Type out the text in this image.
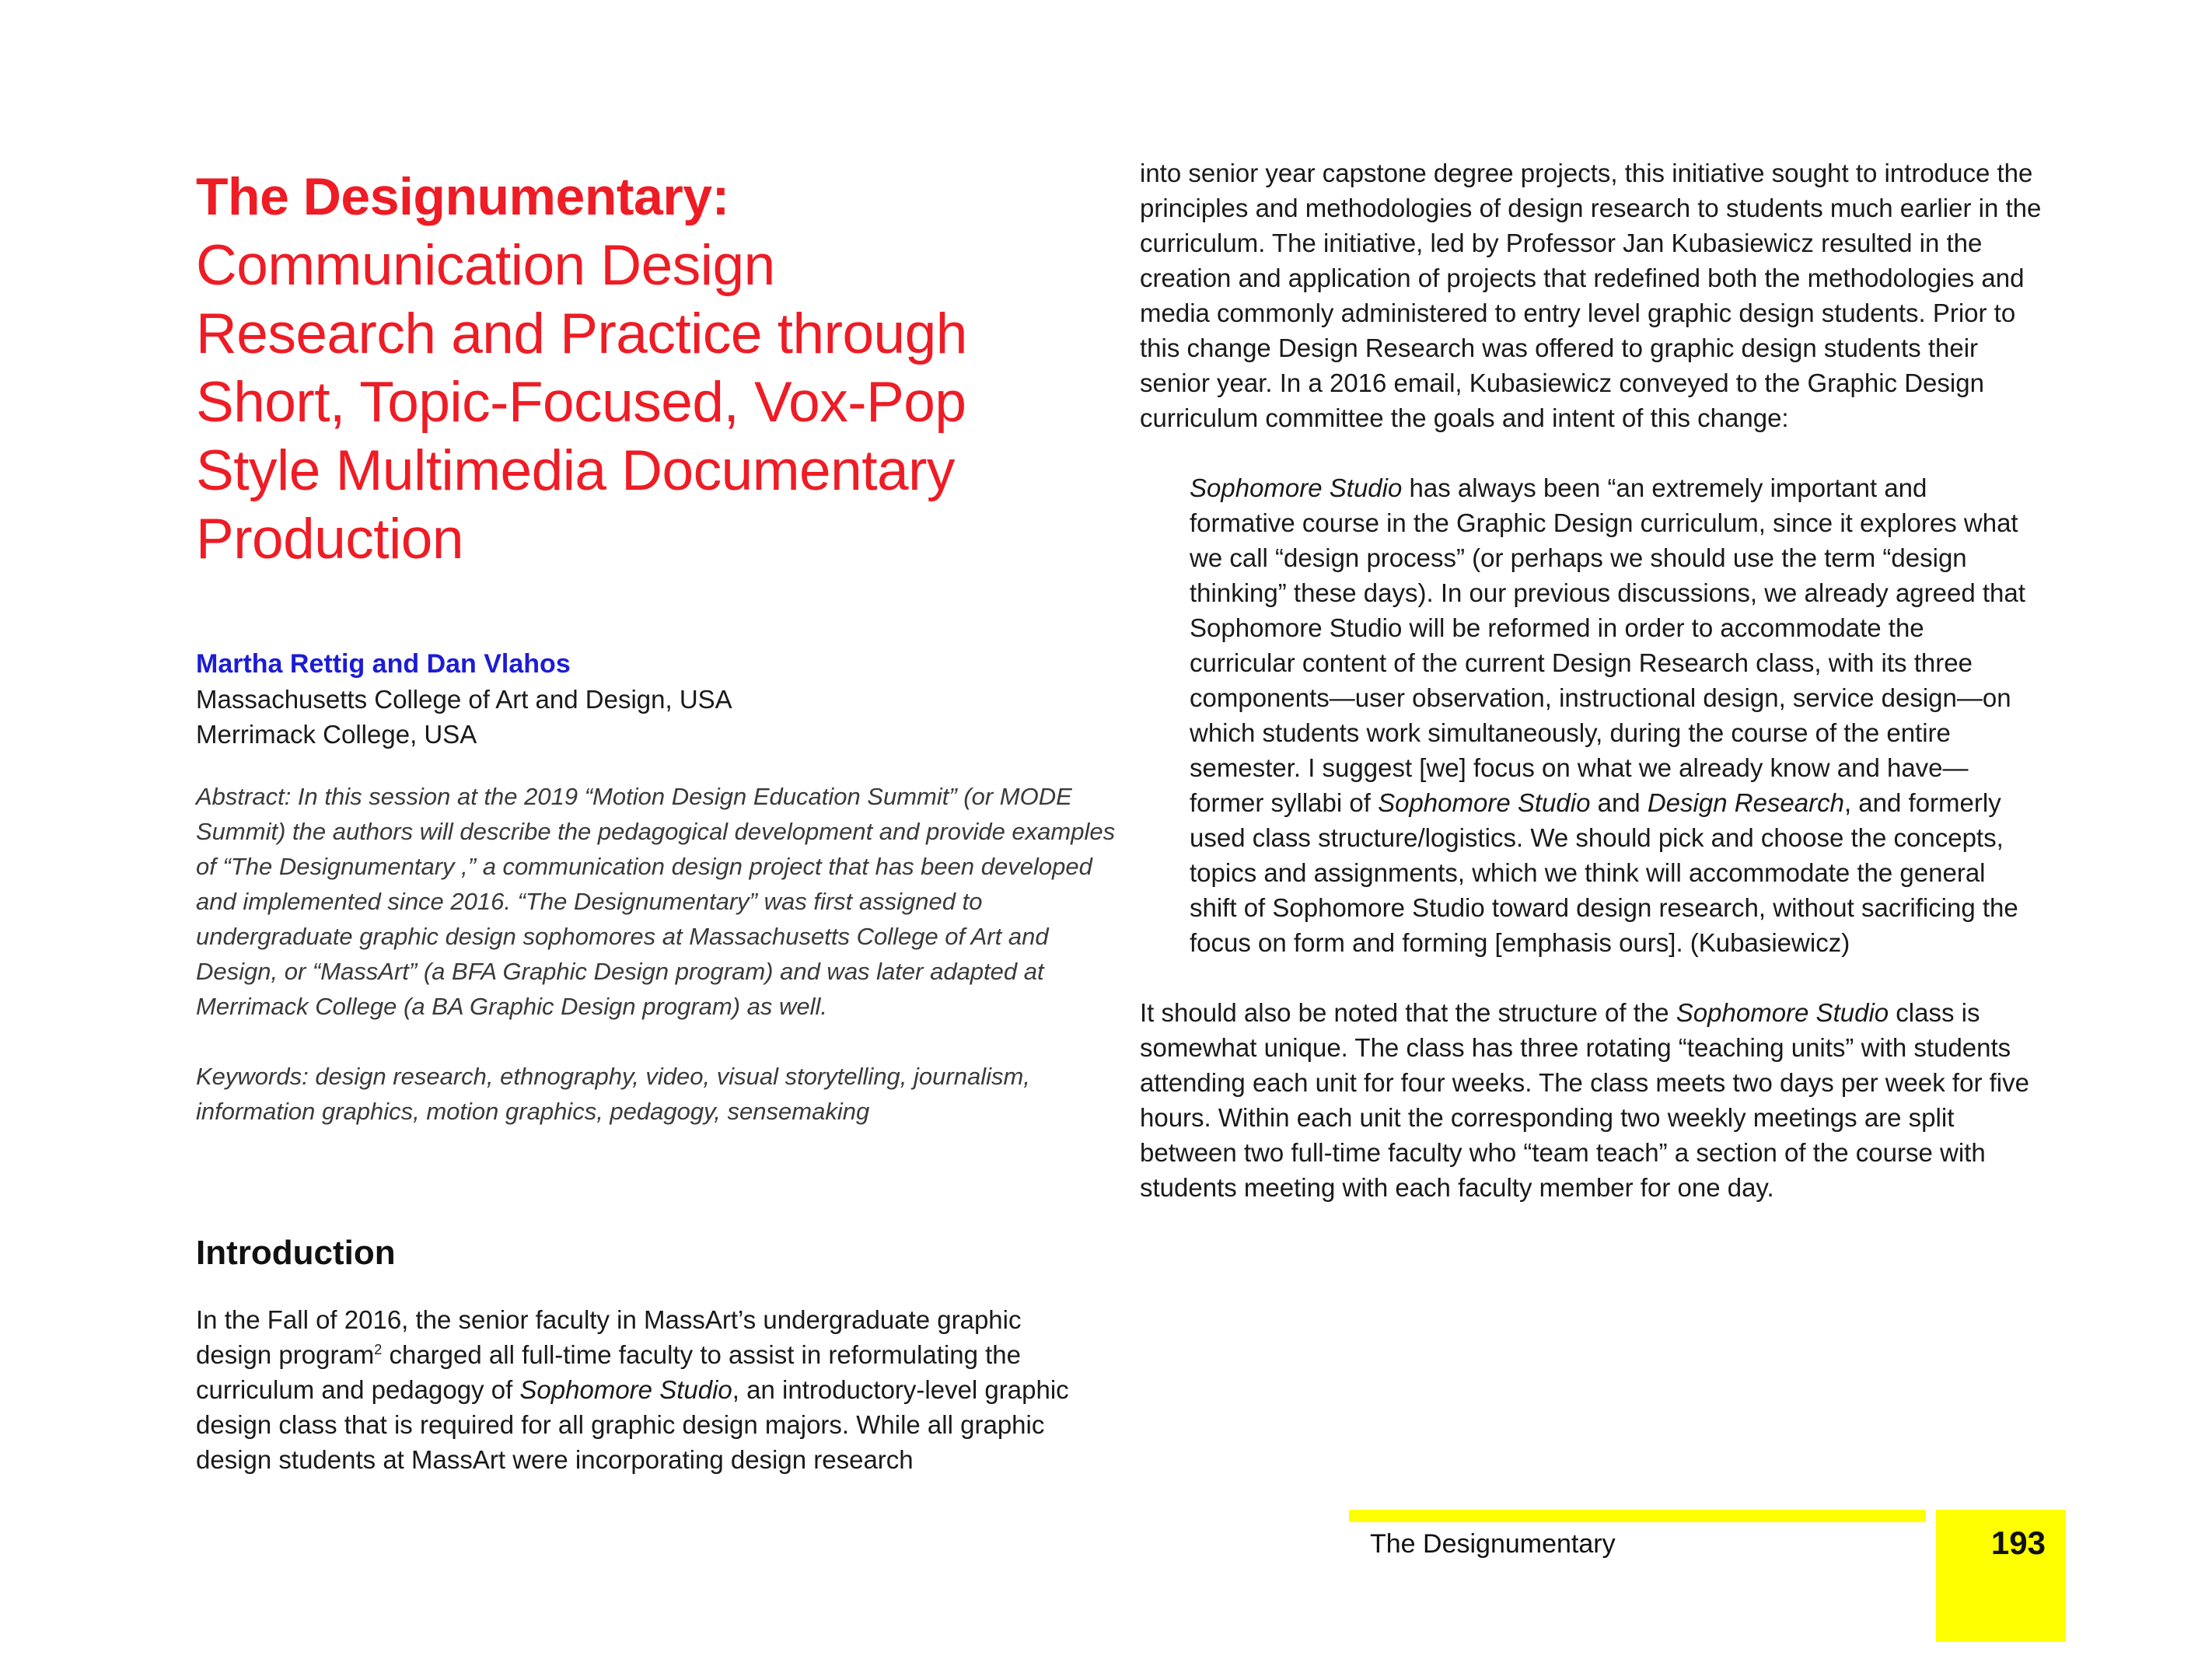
The Designumentary:

Communication Design

Research and Practice through

Short, Topic-Focused, Vox-Pop

Style Multimedia Documentary

Production

Martha Rettig and Dan Vlahos
Massachusetts College of Art and Design, USA
Merrimack College, USA
Abstract: In this session at the 2019 “Motion Design Education Summit” (or MODE Summit) the authors will describe the pedagogical development and provide examples of “The Designumentary ,” a communication design project that has been developed and implemented since 2016. “The Designumentary” was first assigned to undergraduate graphic design sophomores at Massachusetts College of Art and Design, or “MassArt” (a BFA Graphic Design program) and was later adapted at Merrimack College (a BA Graphic Design program) as well.
Keywords: design research, ethnography, video, visual storytelling, journalism, information graphics, motion graphics, pedagogy, sensemaking
Introduction

In the Fall of 2016, the senior faculty in MassArt’s undergraduate graphic design program$^2$ charged all full-time faculty to assist in reformulating the curriculum and pedagogy of Sophomore Studio, an introductory-level graphic design class that is required for all graphic design majors. While all graphic design students at MassArt were incorporating design research

into senior year capstone degree projects, this initiative sought to introduce the principles and methodologies of design research to students much earlier in the curriculum. The initiative, led by Professor Jan Kubasiewicz resulted in the creation and application of projects that redefined both the methodologies and media commonly administered to entry level graphic design students. Prior to this change Design Research was offered to graphic design students their senior year. In a 2016 email, Kubasiewicz conveyed to the Graphic Design curriculum committee the goals and intent of this change:

Sophomore Studio has always been “an extremely important and formative course in the Graphic Design curriculum, since it explores what we call “design process” (or perhaps we should use the term “design thinking” these days). In our previous discussions, we already agreed that Sophomore Studio will be reformed in order to accommodate the curricular content of the current Design Research class, with its three components—user observation, instructional design, service design—on which students work simultaneously, during the course of the entire semester. I suggest [we] focus on what we already know and have—former syllabi of Sophomore Studio and Design Research, and formerly used class structure/logistics. We should pick and choose the concepts, topics and assignments, which we think will accommodate the general shift of Sophomore Studio toward design research, without sacrificing the focus on form and forming [emphasis ours]. (Kubasiewicz)
It should also be noted that the structure of the Sophomore Studio class is somewhat unique. The class has three rotating “teaching units” with students attending each unit for four weeks. The class meets two days per week for five hours. Within each unit the corresponding two weekly meetings are split between two full-time faculty who “team teach” a section of the course with students meeting with each faculty member for one day.
The Designumentary	193
